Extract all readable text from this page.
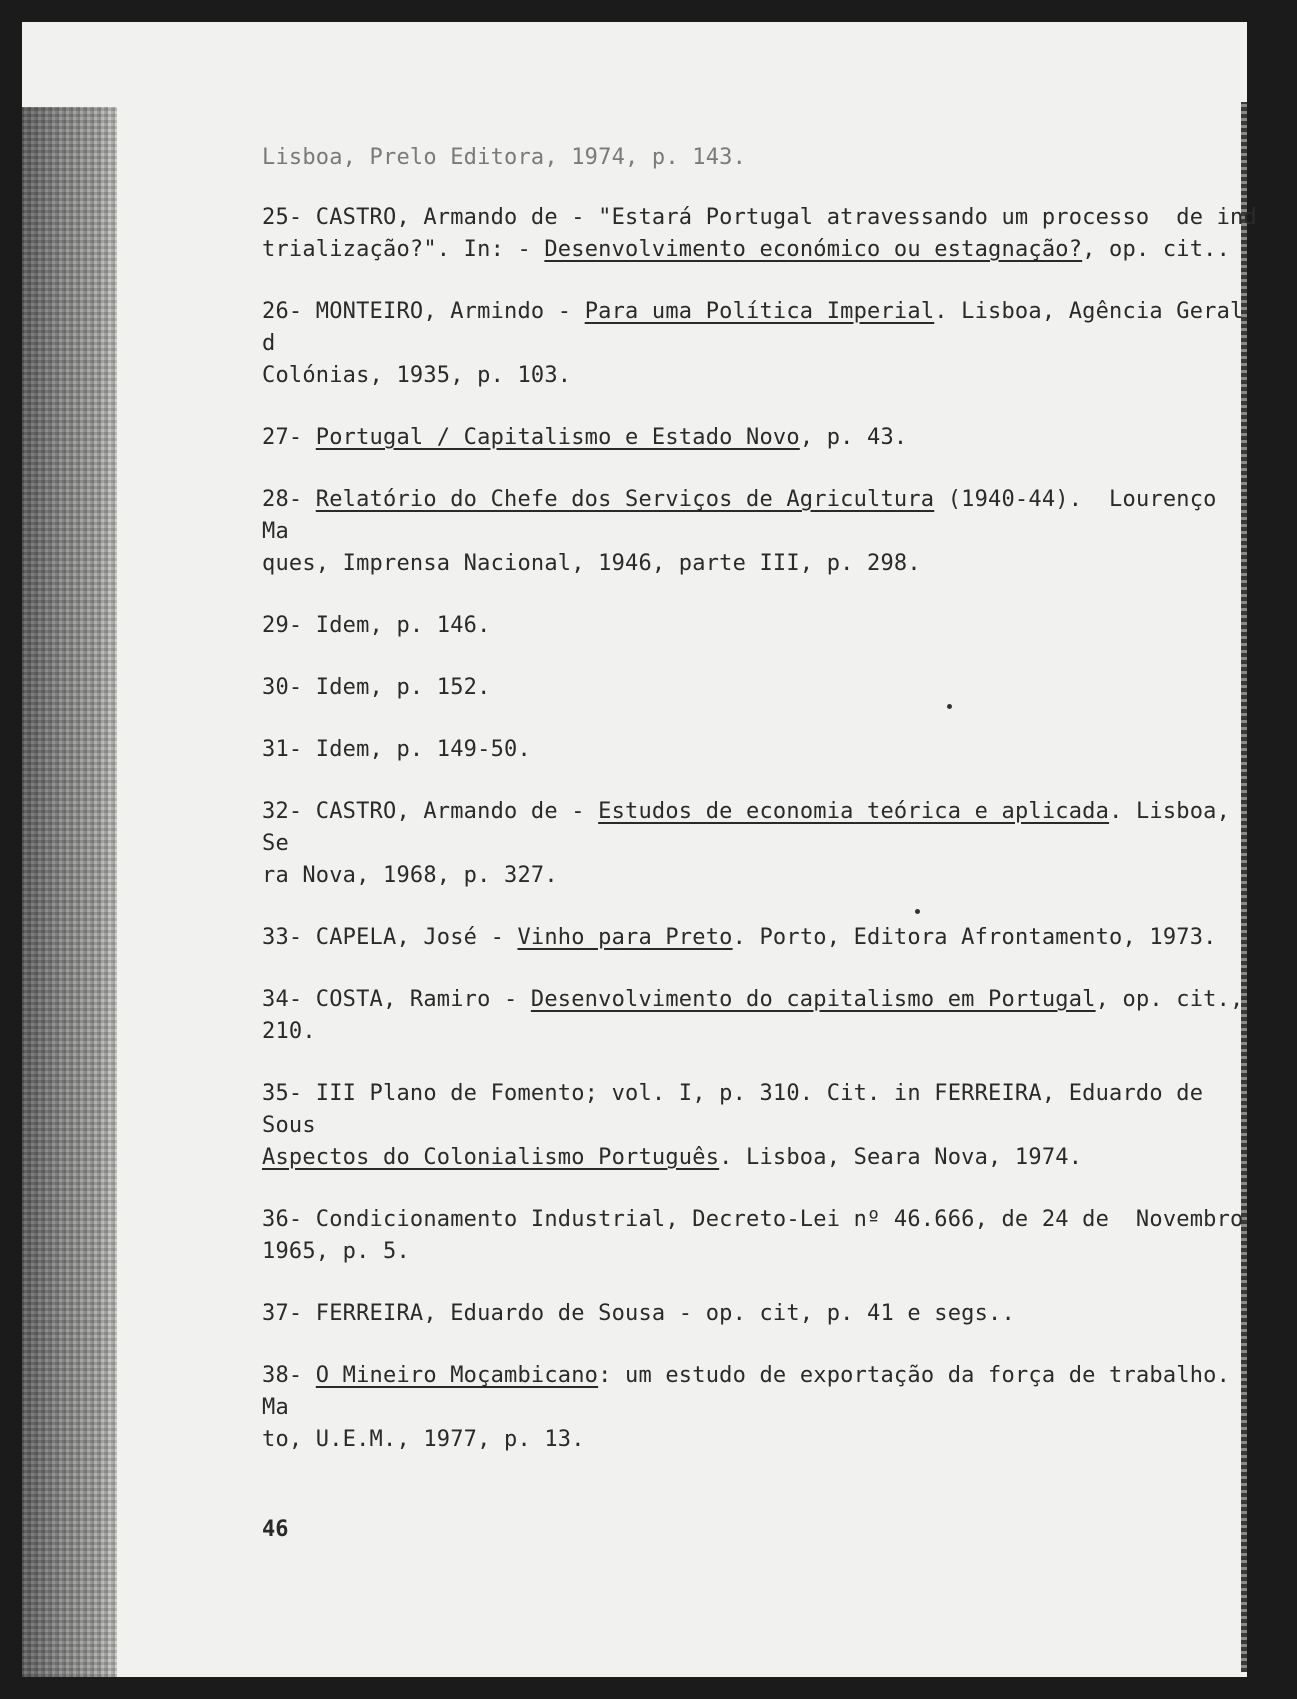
Lisboa, Prelo Editora, 1974, p. 143.
25- CASTRO, Armando de - "Estará Portugal atravessando um processo  de ind
trialização?". In: - Desenvolvimento económico ou estagnação?, op. cit..
26- MONTEIRO, Armindo - Para uma Política Imperial. Lisboa, Agência Geral d
Colónias, 1935, p. 103.
27- Portugal / Capitalismo e Estado Novo, p. 43.
28- Relatório do Chefe dos Serviços de Agricultura (1940-44).  Lourenço  Ma
ques, Imprensa Nacional, 1946, parte III, p. 298.
29- Idem, p. 146.
30- Idem, p. 152.
31- Idem, p. 149-50.
32- CASTRO, Armando de - Estudos de economia teórica e aplicada. Lisboa, Se
ra Nova, 1968, p. 327.
33- CAPELA, José - Vinho para Preto. Porto, Editora Afrontamento, 1973.
34- COSTA, Ramiro - Desenvolvimento do capitalismo em Portugal, op. cit.,
210.
35- III Plano de Fomento; vol. I, p. 310. Cit. in FERREIRA, Eduardo de Sous
Aspectos do Colonialismo Português. Lisboa, Seara Nova, 1974.
36- Condicionamento Industrial, Decreto-Lei nº 46.666, de 24 de  Novembro
1965, p. 5.
37- FERREIRA, Eduardo de Sousa - op. cit, p. 41 e segs..
38- O Mineiro Moçambicano: um estudo de exportação da força de trabalho. Ma
to, U.E.M., 1977, p. 13.
46
